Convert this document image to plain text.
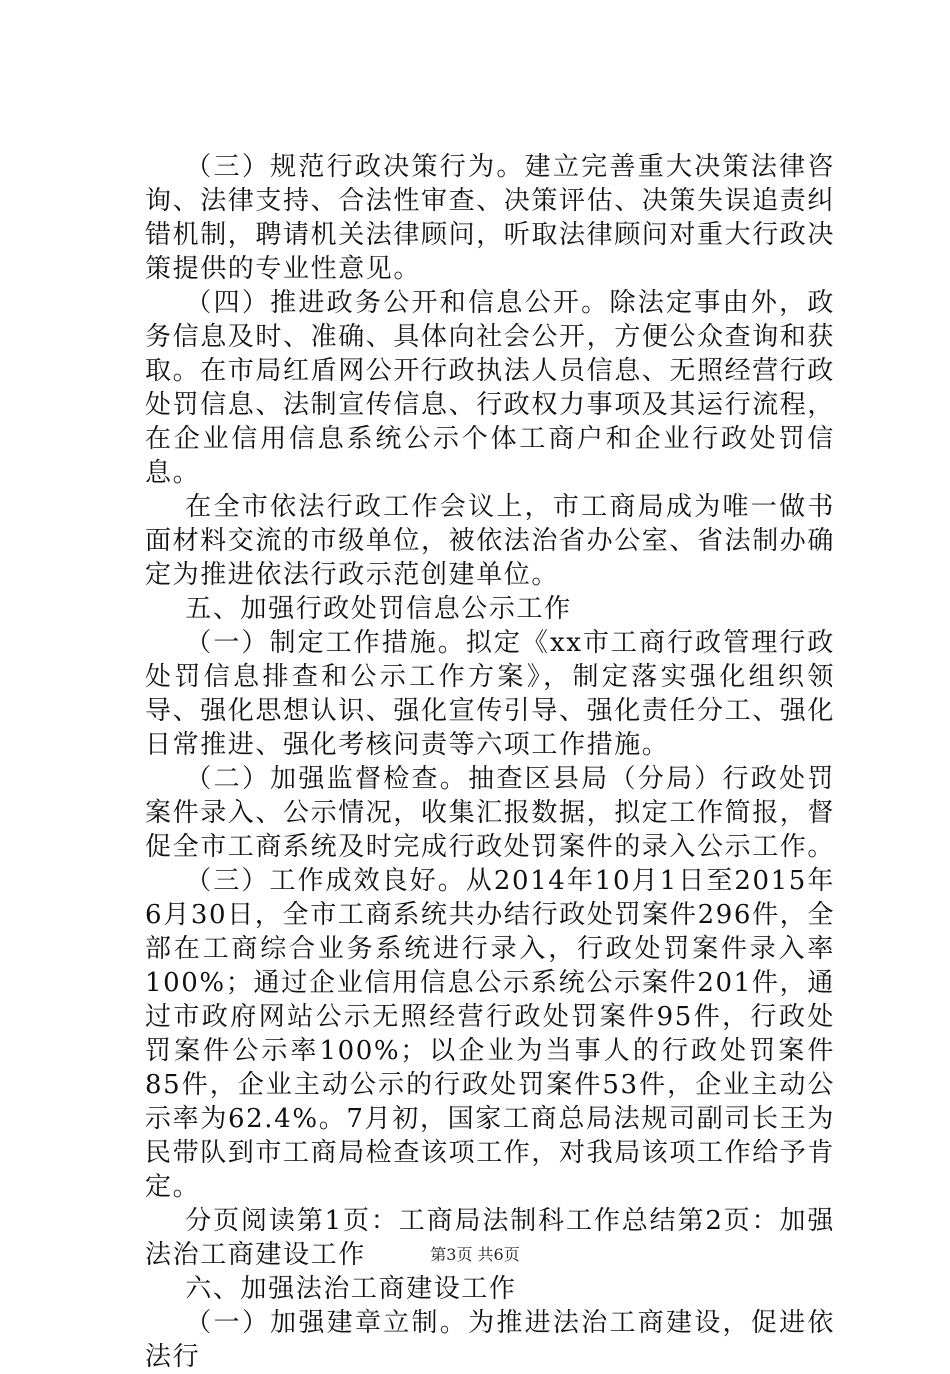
（三）规范行政决策行为。建立完善重大决策法律咨询、法律支持、合法性审查、决策评估、决策失误追责纠错机制，聘请机关法律顾问，听取法律顾问对重大行政决策提供的专业性意见。

（四）推进政务公开和信息公开。除法定事由外，政务信息及时、准确、具体向社会公开，方便公众查询和获取。在市局红盾网公开行政执法人员信息、无照经营行政处罚信息、法制宣传信息、行政权力事项及其运行流程，在企业信用信息系统公示个体工商户和企业行政处罚信息。

在全市依法行政工作会议上，市工商局成为唯一做书面材料交流的市级单位，被依法治省办公室、省法制办确定为推进依法行政示范创建单位。

五、加强行政处罚信息公示工作

（一）制定工作措施。拟定《xx市工商行政管理行政处罚信息排查和公示工作方案》，制定落实强化组织领导、强化思想认识、强化宣传引导、强化责任分工、强化日常推进、强化考核问责等六项工作措施。

（二）加强监督检查。抽查区县局（分局）行政处罚案件录入、公示情况，收集汇报数据，拟定工作简报，督促全市工商系统及时完成行政处罚案件的录入公示工作。

（三）工作成效良好。从2014年10月1日至2015年6月30日，全市工商系统共办结行政处罚案件296件，全部在工商综合业务系统进行录入，行政处罚案件录入率100%；通过企业信用信息公示系统公示案件201件，通过市政府网站公示无照经营行政处罚案件95件，行政处罚案件公示率100%；以企业为当事人的行政处罚案件85件，企业主动公示的行政处罚案件53件，企业主动公示率为62.4%。7月初，国家工商总局法规司副司长王为民带队到市工商局检查该项工作，对我局该项工作给予肯定。

分页阅读第1页：工商局法制科工作总结第2页：加强法治工商建设工作

六、加强法治工商建设工作

（一）加强建章立制。为推进法治工商建设，促进依法行

第3页 共6页
